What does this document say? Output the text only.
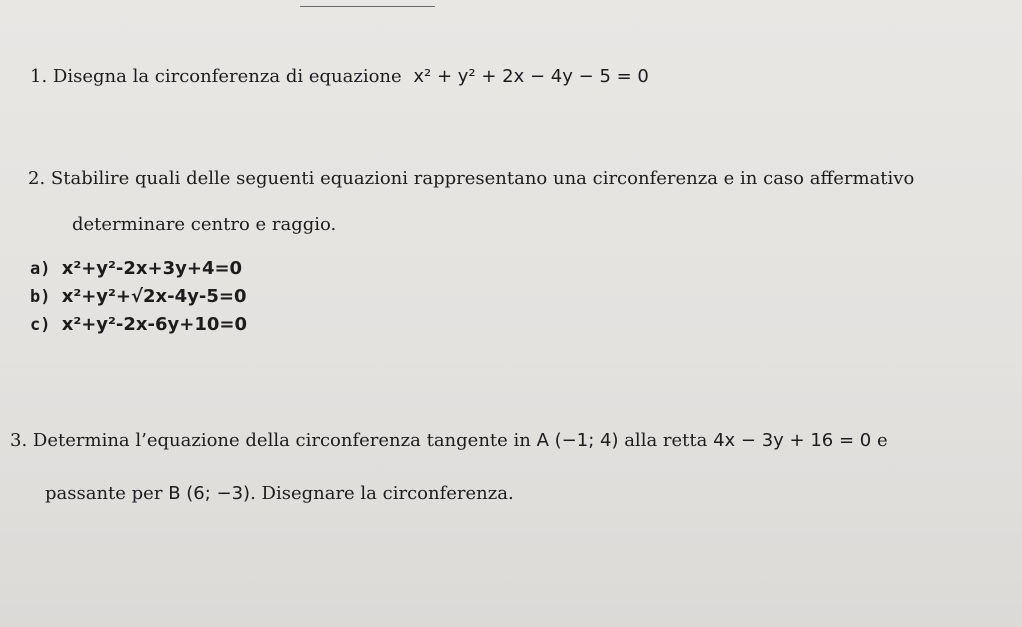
1. Disegna la circonferenza di equazione x² + y² + 2x − 4y − 5 = 0
2. Stabilire quali delle seguenti equazioni rappresentano una circonferenza e in caso affermativo
determinare centro e raggio.
a) x²+y²-2x+3y+4=0
b) x²+y²+√2x-4y-5=0
c) x²+y²-2x-6y+10=0
3. Determina l’equazione della circonferenza tangente in A (−1; 4) alla retta 4x − 3y + 16 = 0 e
passante per B (6; −3). Disegnare la circonferenza.
